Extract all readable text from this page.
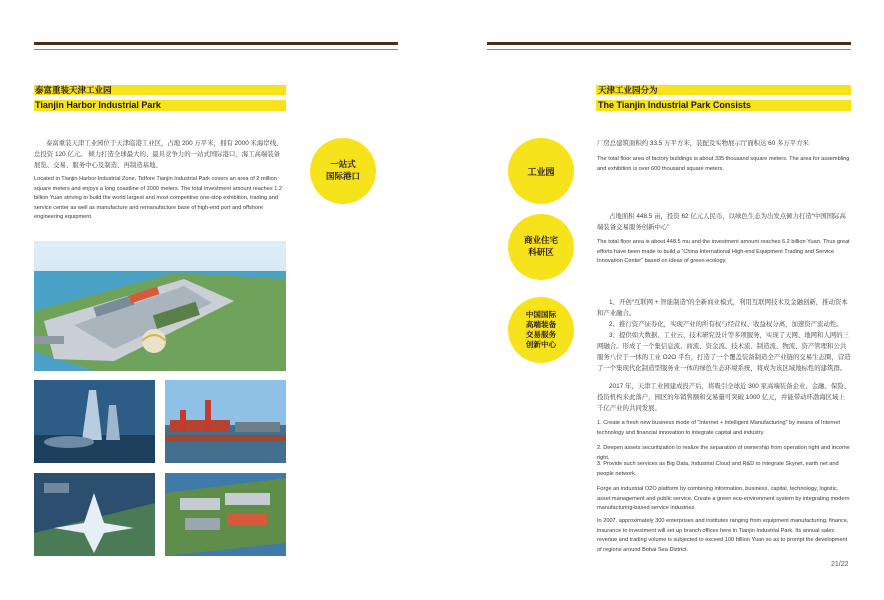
泰富重装天津工业园
Tianjin Harbor Industrial Park

泰富重装天津工业园位于天津临港工业区，占地 200 万平米，拥有 2000 米海岸线，总投资 120 亿元。 倾力打造全球最大的、最具竞争力的一站式国际港口、海工高端装备展览、交易、服务中心及制造、再制造基地。

Located in Tianjin Harbor Industrial Zone, Tidfore Tianjin Industrial Park covers an area of 2 million square meters and enjoys a long coastline of 2000 meters. The total investment amount reaches 1.2 billion Yuan striving to build the world largest and most competitive one-stop exhibition, trading and service center as well as manufacture and remanufacture base of high-end port and offshore engineering equipment.

一站式
国际港口	工业园
商业住宅
科研区
中国国际
高端装备
交易服务
创新中心
天津工业园分为
The Tianjin Industrial Park Consists

厂房总建筑面积约 33.5 万平方米，装配及实物展示厅面积达 60 多万平方米

The total floor area of factory buildings is about 335 thousand square meters. The area for assembling and exhibition is over 600 thousand square meters.

占地面积 448.5 亩，投资 62 亿元人民币，以绿色生态为出发点倾力打造“中国国际高端装备交易服务创新中心”

The total floor area is about 448.5 mu and the investment amount reaches 6.2 billion Yuan. Thus great efforts have been made to build a “China International High-end Equipment Trading and Service Innovation Center” based on ideas of green ecology.

1、开创“互联网 + 智能制造”的全新商业模式，利用互联网技术及金融创新，推动资本和产业融合。

2、推行资产证券化，实现产业的所有权与经营权、收益权分离，加速资产流动性。

3、提供如大数据、工业云、技术研究设计等多项服务，实现了天网、地网和人网的三网融合。形成了一个集信息流、商流、资金流、技术流、制造流、物流、资产管理和公共服务八位于一体的工业 O2O 平台，打造了一个覆盖装备制造全产业链的交易生态圈，营造了一个集现代化制造型服务业一体的绿色生态环境系统，将成为该区域地标性的建筑群。

2017 年，天津工业园建成投产后，将吸引全球近 300 家高端装备企业、金融、保险、投资机构来此落户，园区的年销售额和交易量可突破 1000 亿元，并能带动环渤海区域上千亿产业的共同发展。

1. Create a fresh new business mode of “Internet + Intelligent Manufacturing” by means of Internet technology and financial innovation to integrate capital and industry.

2. Deepen assets securitization to realize the separation of ownership from operation right and income right.

3. Provide such services as Big Data, Industrial Cloud and R&D to integrate Skynet, earth net and people network.

Forge an industrial O2O platform by combining information, business, capital, technology, logistic, asset management and public service. Create a green eco-environment system by integrating modern manufacturing-based service industries.

In 2007, approximately 300 enterprises and institutes ranging from equipment manufacturing, finance, insurance to investment will set up branch offices here in Tianjin Industrial Park. Its annual sales revenue and trading volume is subjected to exceed 100 billion Yuan so as to prompt the development of regions around Bohai Sea District.

21/22
